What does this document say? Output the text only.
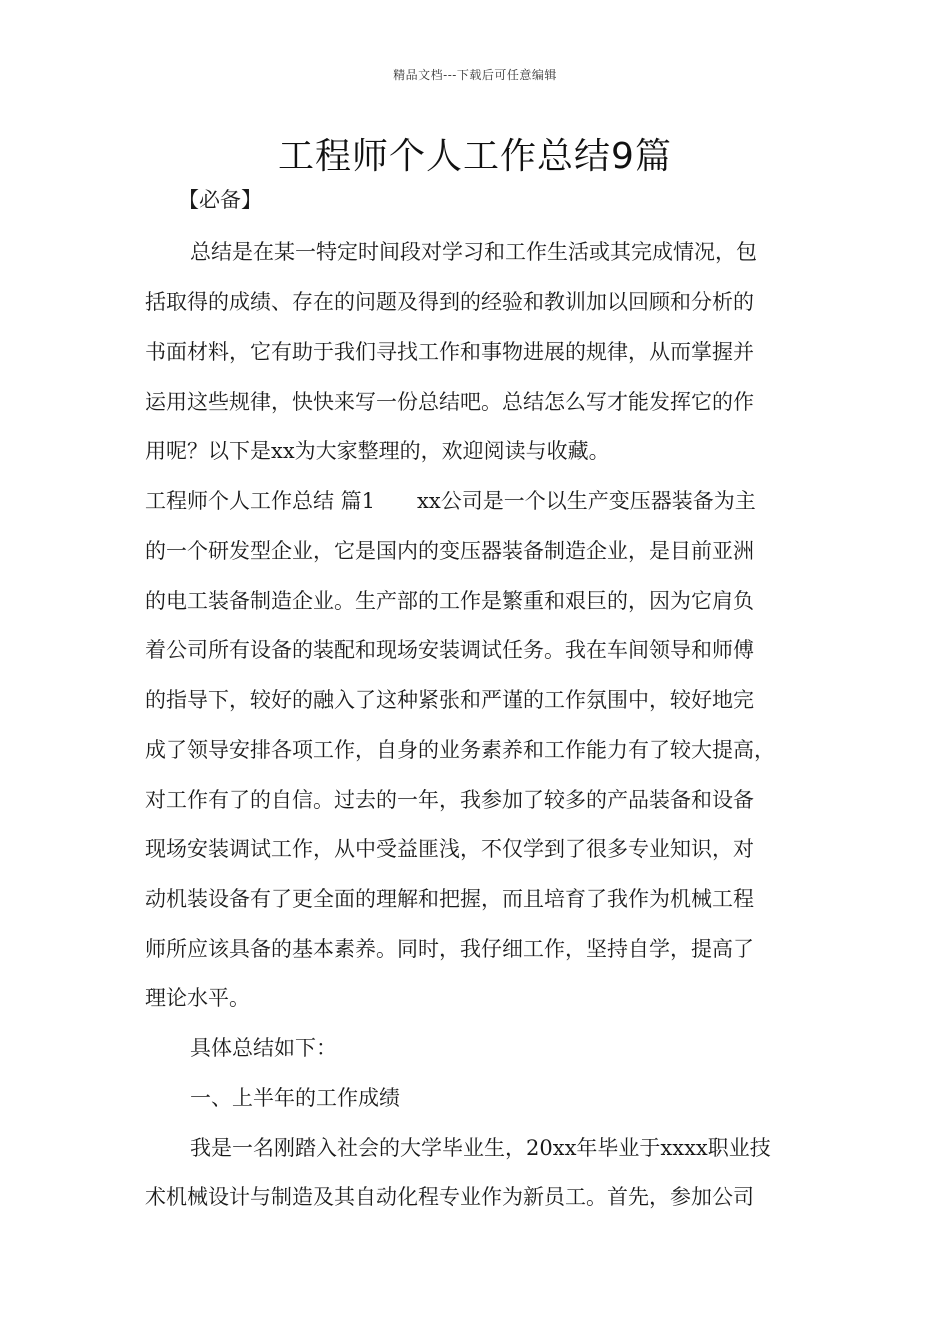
精品文档---下载后可任意编辑
工程师个人工作总结9篇
【必备】
总结是在某一特定时间段对学习和工作生活或其完成情况，包
括取得的成绩、存在的问题及得到的经验和教训加以回顾和分析的
书面材料，它有助于我们寻找工作和事物进展的规律，从而掌握并
运用这些规律，快快来写一份总结吧。总结怎么写才能发挥它的作
用呢？以下是xx为大家整理的，欢迎阅读与收藏。
工程师个人工作总结 篇1　　xx公司是一个以生产变压器装备为主
的一个研发型企业，它是国内的变压器装备制造企业，是目前亚洲
的电工装备制造企业。生产部的工作是繁重和艰巨的，因为它肩负
着公司所有设备的装配和现场安装调试任务。我在车间领导和师傅
的指导下，较好的融入了这种紧张和严谨的工作氛围中，较好地完
成了领导安排各项工作，自身的业务素养和工作能力有了较大提高，
对工作有了的自信。过去的一年，我参加了较多的产品装备和设备
现场安装调试工作，从中受益匪浅，不仅学到了很多专业知识，对
动机装设备有了更全面的理解和把握，而且培育了我作为机械工程
师所应该具备的基本素养。同时，我仔细工作，坚持自学，提高了
理论水平。
具体总结如下：
一、上半年的工作成绩
我是一名刚踏入社会的大学毕业生，20xx年毕业于xxxx职业技
术机械设计与制造及其自动化程专业作为新员工。首先，参加公司
